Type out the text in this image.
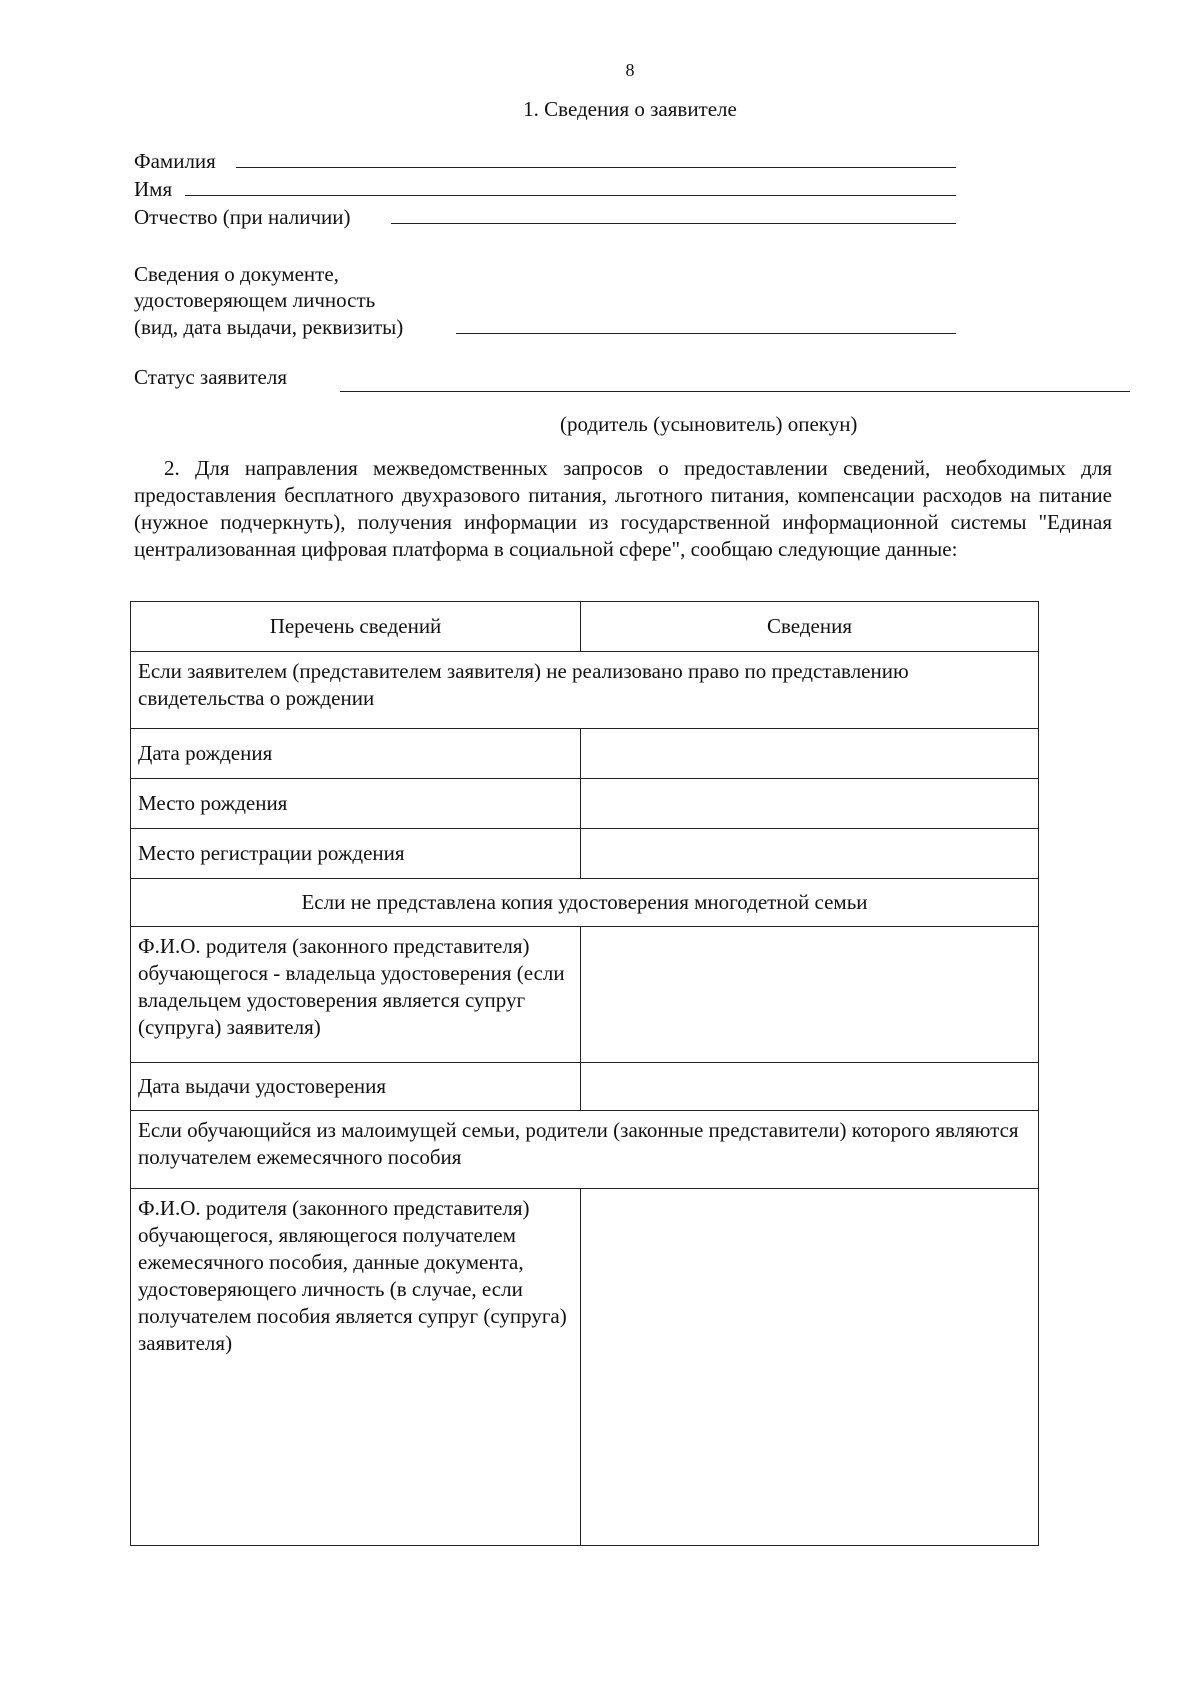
8
1. Сведения о заявителе
Фамилия
Имя
Отчество (при наличии)
Сведения о документе,
удостоверяющем личность
(вид, дата выдачи, реквизиты)
Статус заявителя
(родитель (усыновитель) опекун)
2. Для направления межведомственных запросов о предоставлении сведений, необходимых для предоставления бесплатного двухразового питания, льготного питания, компенсации расходов на питание (нужное подчеркнуть), получения информации из государственной информационной системы "Единая централизованная цифровая платформа в социальной сфере", сообщаю следующие данные:
Перечень сведений	Сведения
Если заявителем (представителем заявителя) не реализовано право по представлению свидетельства о рождении	
Дата рождения	
Место рождения	
Место регистрации рождения	
Если не представлена копия удостоверения многодетной семьи	
Ф.И.О. родителя (законного представителя) обучающегося - владельца удостоверения (если владельцем удостоверения является супруг (супруга) заявителя)	
Дата выдачи удостоверения	
Если обучающийся из малоимущей семьи, родители (законные представители) которого являются получателем ежемесячного пособия	
Ф.И.О. родителя (законного представителя) обучающегося, являющегося получателем ежемесячного пособия, данные документа, удостоверяющего личность (в случае, если получателем пособия является супруг (супруга) заявителя)	
